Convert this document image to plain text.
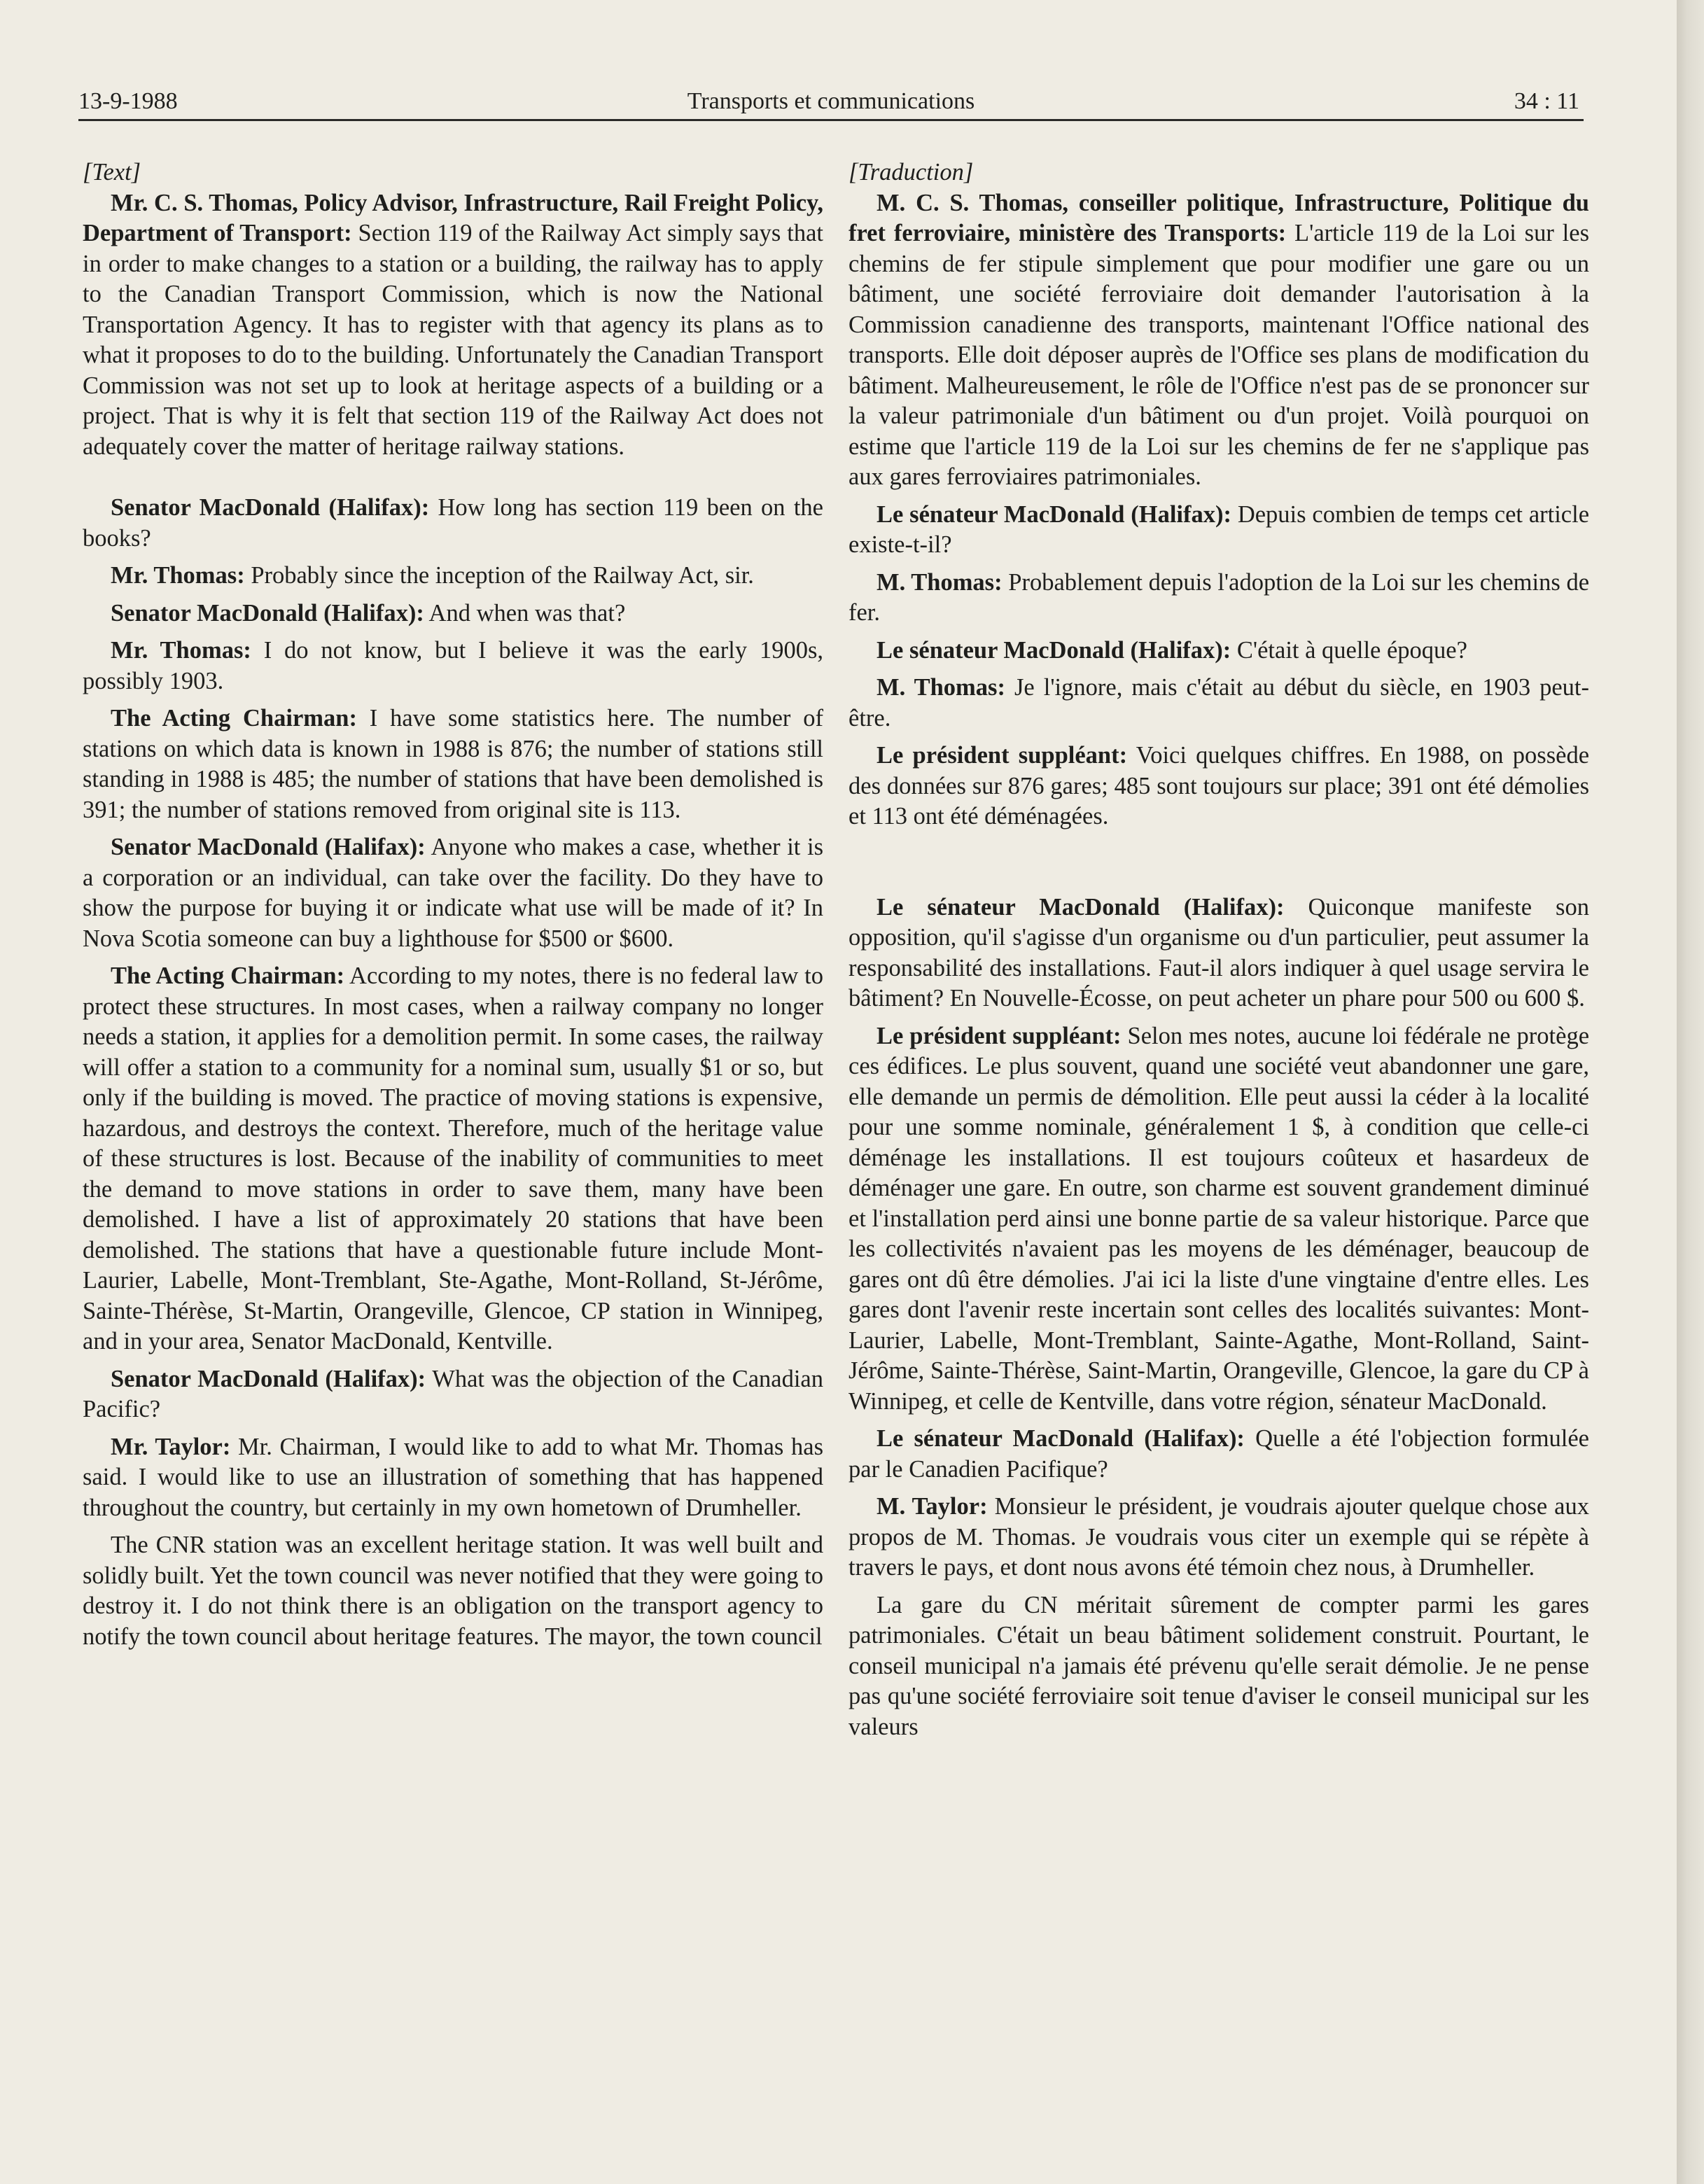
13-9-1988	Transports et communications	34 : 11

[Text]

Mr. C. S. Thomas, Policy Advisor, Infrastructure, Rail Freight Policy, Department of Transport: Section 119 of the Railway Act simply says that in order to make changes to a station or a building, the railway has to apply to the Canadian Transport Commission, which is now the National Transportation Agency. It has to register with that agency its plans as to what it proposes to do to the building. Unfortunately the Canadian Transport Commission was not set up to look at heritage aspects of a building or a project. That is why it is felt that section 119 of the Railway Act does not adequately cover the matter of heritage railway stations.

Senator MacDonald (Halifax): How long has section 119 been on the books?

Mr. Thomas: Probably since the inception of the Railway Act, sir.

Senator MacDonald (Halifax): And when was that?

Mr. Thomas: I do not know, but I believe it was the early 1900s, possibly 1903.

The Acting Chairman: I have some statistics here. The number of stations on which data is known in 1988 is 876; the number of stations still standing in 1988 is 485; the number of stations that have been demolished is 391; the number of stations removed from original site is 113.

Senator MacDonald (Halifax): Anyone who makes a case, whether it is a corporation or an individual, can take over the facility. Do they have to show the purpose for buying it or indicate what use will be made of it? In Nova Scotia someone can buy a lighthouse for $500 or $600.

The Acting Chairman: According to my notes, there is no federal law to protect these structures. In most cases, when a railway company no longer needs a station, it applies for a demolition permit. In some cases, the railway will offer a station to a community for a nominal sum, usually $1 or so, but only if the building is moved. The practice of moving stations is expensive, hazardous, and destroys the context. Therefore, much of the heritage value of these structures is lost. Because of the inability of communities to meet the demand to move stations in order to save them, many have been demolished. I have a list of approximately 20 stations that have been demolished. The stations that have a questionable future include Mont-Laurier, Labelle, Mont-Tremblant, Ste-Agathe, Mont-Rolland, St-Jérôme, Sainte-Thérèse, St-Martin, Orangeville, Glencoe, CP station in Winnipeg, and in your area, Senator MacDonald, Kentville.

Senator MacDonald (Halifax): What was the objection of the Canadian Pacific?

Mr. Taylor: Mr. Chairman, I would like to add to what Mr. Thomas has said. I would like to use an illustration of something that has happened throughout the country, but certainly in my own hometown of Drumheller.

The CNR station was an excellent heritage station. It was well built and solidly built. Yet the town council was never notified that they were going to destroy it. I do not think there is an obligation on the transport agency to notify the town council about heritage features. The mayor, the town council

[Traduction]

M. C. S. Thomas, conseiller politique, Infrastructure, Politique du fret ferroviaire, ministère des Transports: L'article 119 de la Loi sur les chemins de fer stipule simplement que pour modifier une gare ou un bâtiment, une société ferroviaire doit demander l'autorisation à la Commission canadienne des transports, maintenant l'Office national des transports. Elle doit déposer auprès de l'Office ses plans de modification du bâtiment. Malheureusement, le rôle de l'Office n'est pas de se prononcer sur la valeur patrimoniale d'un bâtiment ou d'un projet. Voilà pourquoi on estime que l'article 119 de la Loi sur les chemins de fer ne s'applique pas aux gares ferroviaires patrimoniales.

Le sénateur MacDonald (Halifax): Depuis combien de temps cet article existe-t-il?

M. Thomas: Probablement depuis l'adoption de la Loi sur les chemins de fer.

Le sénateur MacDonald (Halifax): C'était à quelle époque?

M. Thomas: Je l'ignore, mais c'était au début du siècle, en 1903 peut-être.

Le président suppléant: Voici quelques chiffres. En 1988, on possède des données sur 876 gares; 485 sont toujours sur place; 391 ont été démolies et 113 ont été déménagées.

Le sénateur MacDonald (Halifax): Quiconque manifeste son opposition, qu'il s'agisse d'un organisme ou d'un particulier, peut assumer la responsabilité des installations. Faut-il alors indiquer à quel usage servira le bâtiment? En Nouvelle-Écosse, on peut acheter un phare pour 500 ou 600 $.

Le président suppléant: Selon mes notes, aucune loi fédérale ne protège ces édifices. Le plus souvent, quand une société veut abandonner une gare, elle demande un permis de démolition. Elle peut aussi la céder à la localité pour une somme nominale, généralement 1 $, à condition que celle-ci déménage les installations. Il est toujours coûteux et hasardeux de déménager une gare. En outre, son charme est souvent grandement diminué et l'installation perd ainsi une bonne partie de sa valeur historique. Parce que les collectivités n'avaient pas les moyens de les déménager, beaucoup de gares ont dû être démolies. J'ai ici la liste d'une vingtaine d'entre elles. Les gares dont l'avenir reste incertain sont celles des localités suivantes: Mont-Laurier, Labelle, Mont-Tremblant, Sainte-Agathe, Mont-Rolland, Saint-Jérôme, Sainte-Thérèse, Saint-Martin, Orangeville, Glencoe, la gare du CP à Winnipeg, et celle de Kentville, dans votre région, sénateur MacDonald.

Le sénateur MacDonald (Halifax): Quelle a été l'objection formulée par le Canadien Pacifique?

M. Taylor: Monsieur le président, je voudrais ajouter quelque chose aux propos de M. Thomas. Je voudrais vous citer un exemple qui se répète à travers le pays, et dont nous avons été témoin chez nous, à Drumheller.

La gare du CN méritait sûrement de compter parmi les gares patrimoniales. C'était un beau bâtiment solidement construit. Pourtant, le conseil municipal n'a jamais été prévenu qu'elle serait démolie. Je ne pense pas qu'une société ferroviaire soit tenue d'aviser le conseil municipal sur les valeurs
